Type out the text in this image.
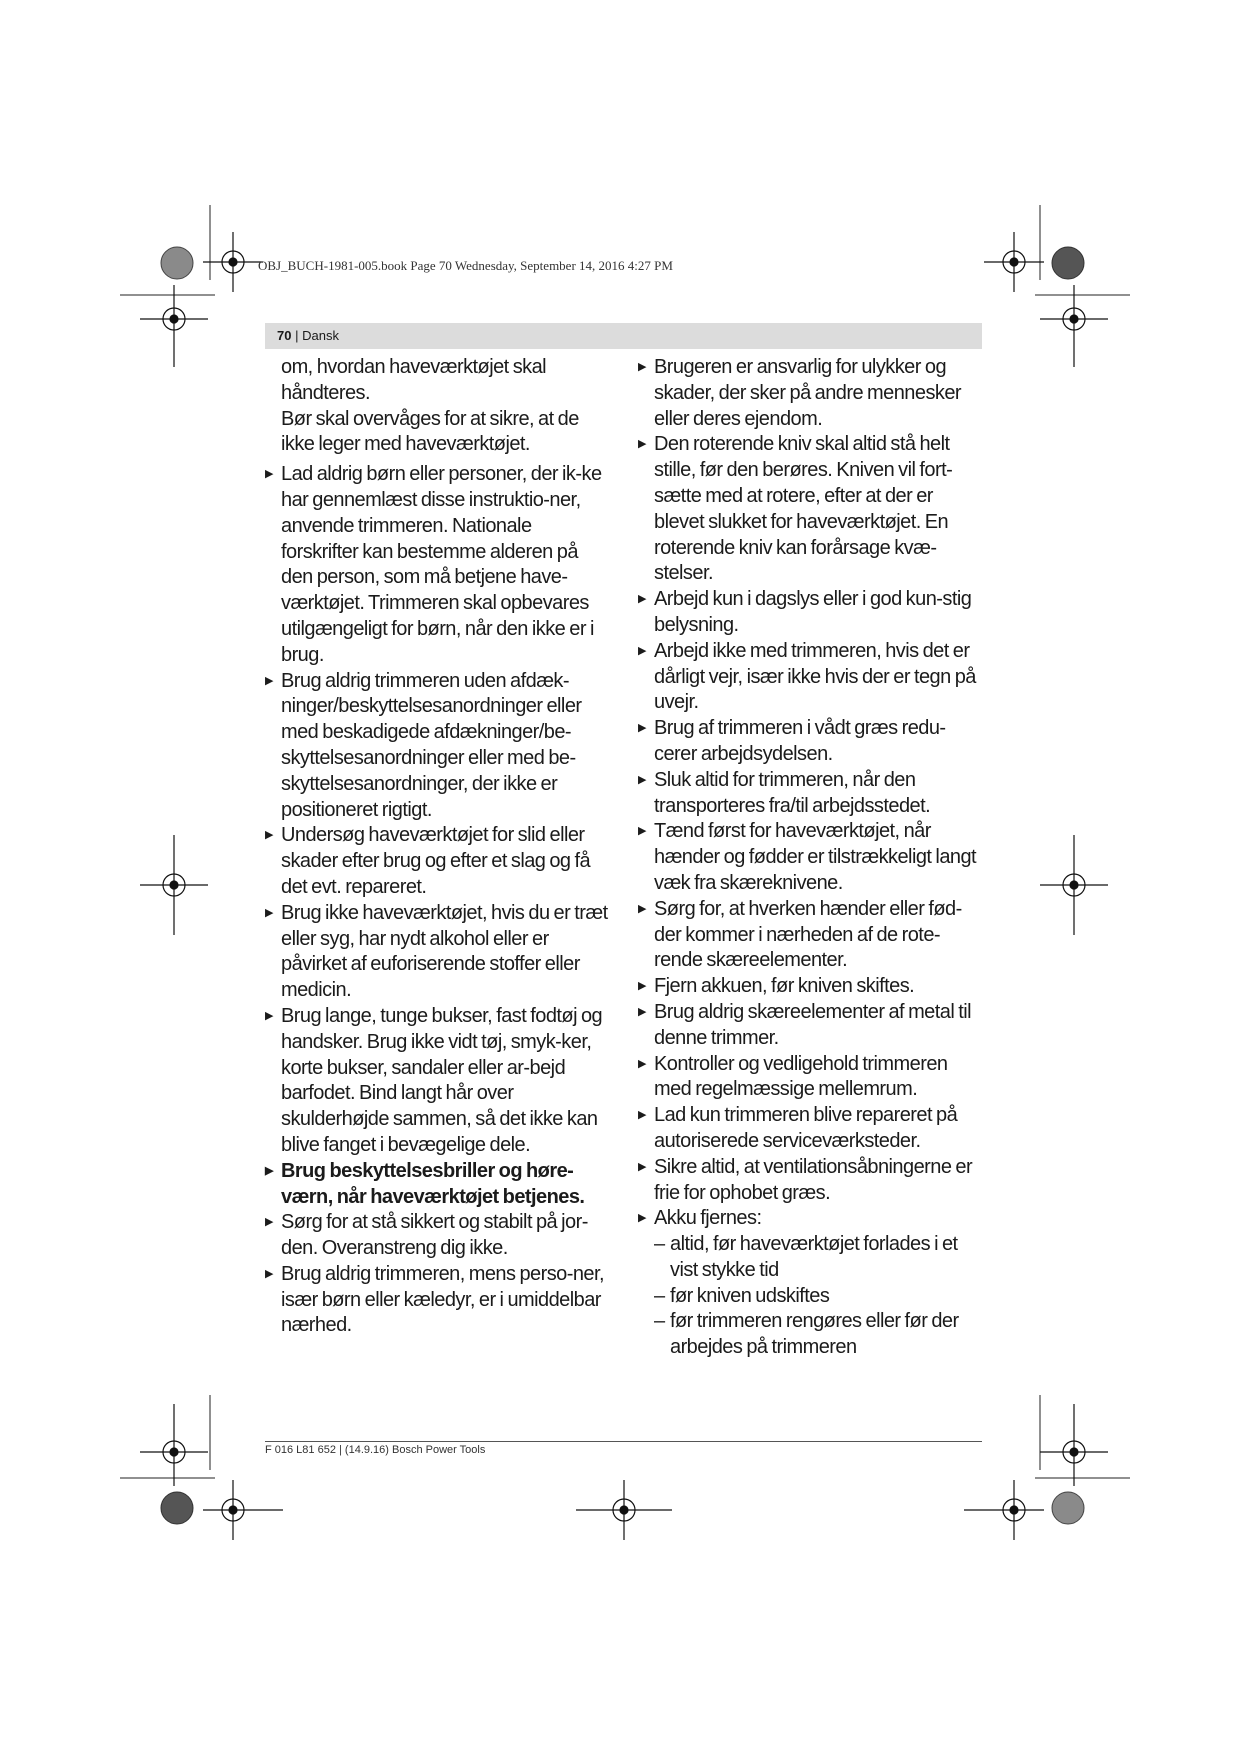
OBJ_BUCH-1981-005.book Page 70 Wednesday, September 14, 2016 4:27 PM
70 | Dansk

om, hvordan haveværktøjet skal

håndteres.

Bør skal overvåges for at sikre, at de

ikke leger med haveværktøjet.

▶ Lad aldrig børn eller personer, der ik-ke har gennemlæst disse instruktio-ner, anvende trimmeren. Nationale forskrifter kan bestemme alderen på den person, som må betjene have-værktøjet. Trimmeren skal opbevares utilgængeligt for børn, når den ikke er i brug.

▶ Brug aldrig trimmeren uden afdæk-ninger/beskyttelsesanordninger eller med beskadigede afdækninger/be-skyttelsesanordninger eller med be-skyttelsesanordninger, der ikke er positioneret rigtigt.

▶ Undersøg haveværktøjet for slid eller skader efter brug og efter et slag og få det evt. repareret.

▶ Brug ikke haveværktøjet, hvis du er træt eller syg, har nydt alkohol eller er påvirket af euforiserende stoffer eller medicin.

▶ Brug lange, tunge bukser, fast fodtøj og handsker. Brug ikke vidt tøj, smyk-ker, korte bukser, sandaler eller ar-bejd barfodet. Bind langt hår over skulderhøjde sammen, så det ikke kan blive fanget i bevægelige dele.

▶ Brug beskyttelsesbriller og høre-værn, når haveværktøjet betjenes.

▶ Sørg for at stå sikkert og stabilt på jor-den. Overanstreng dig ikke.

▶ Brug aldrig trimmeren, mens perso-ner, især børn eller kæledyr, er i umiddelbar nærhed.

▶ Brugeren er ansvarlig for ulykker og skader, der sker på andre mennesker eller deres ejendom.

▶ Den roterende kniv skal altid stå helt stille, før den berøres. Kniven vil fort-sætte med at rotere, efter at der er blevet slukket for haveværktøjet. En roterende kniv kan forårsage kvæ-stelser.

▶ Arbejd kun i dagslys eller i god kun-stig belysning.

▶ Arbejd ikke med trimmeren, hvis det er dårligt vejr, især ikke hvis der er tegn på uvejr.

▶ Brug af trimmeren i vådt græs redu-cerer arbejdsydelsen.

▶ Sluk altid for trimmeren, når den transporteres fra/til arbejdsstedet.

▶ Tænd først for haveværktøjet, når hænder og fødder er tilstrækkeligt langt væk fra skæreknivene.

▶ Sørg for, at hverken hænder eller fød-der kommer i nærheden af de rote-rende skæreelementer.

▶ Fjern akkuen, før kniven skiftes.

▶ Brug aldrig skæreelementer af metal til denne trimmer.

▶ Kontroller og vedligehold trimmeren med regelmæssige mellemrum.

▶ Lad kun trimmeren blive repareret på autoriserede serviceværksteder.

▶ Sikre altid, at ventilationsåbningerne er frie for ophobet græs.

▶ Akku fjernes:

– altid, før haveværktøjet forlades i et vist stykke tid

– før kniven udskiftes

– før trimmeren rengøres eller før der arbejdes på trimmeren

F 016 L81 652 | (14.9.16) Bosch Power Tools
